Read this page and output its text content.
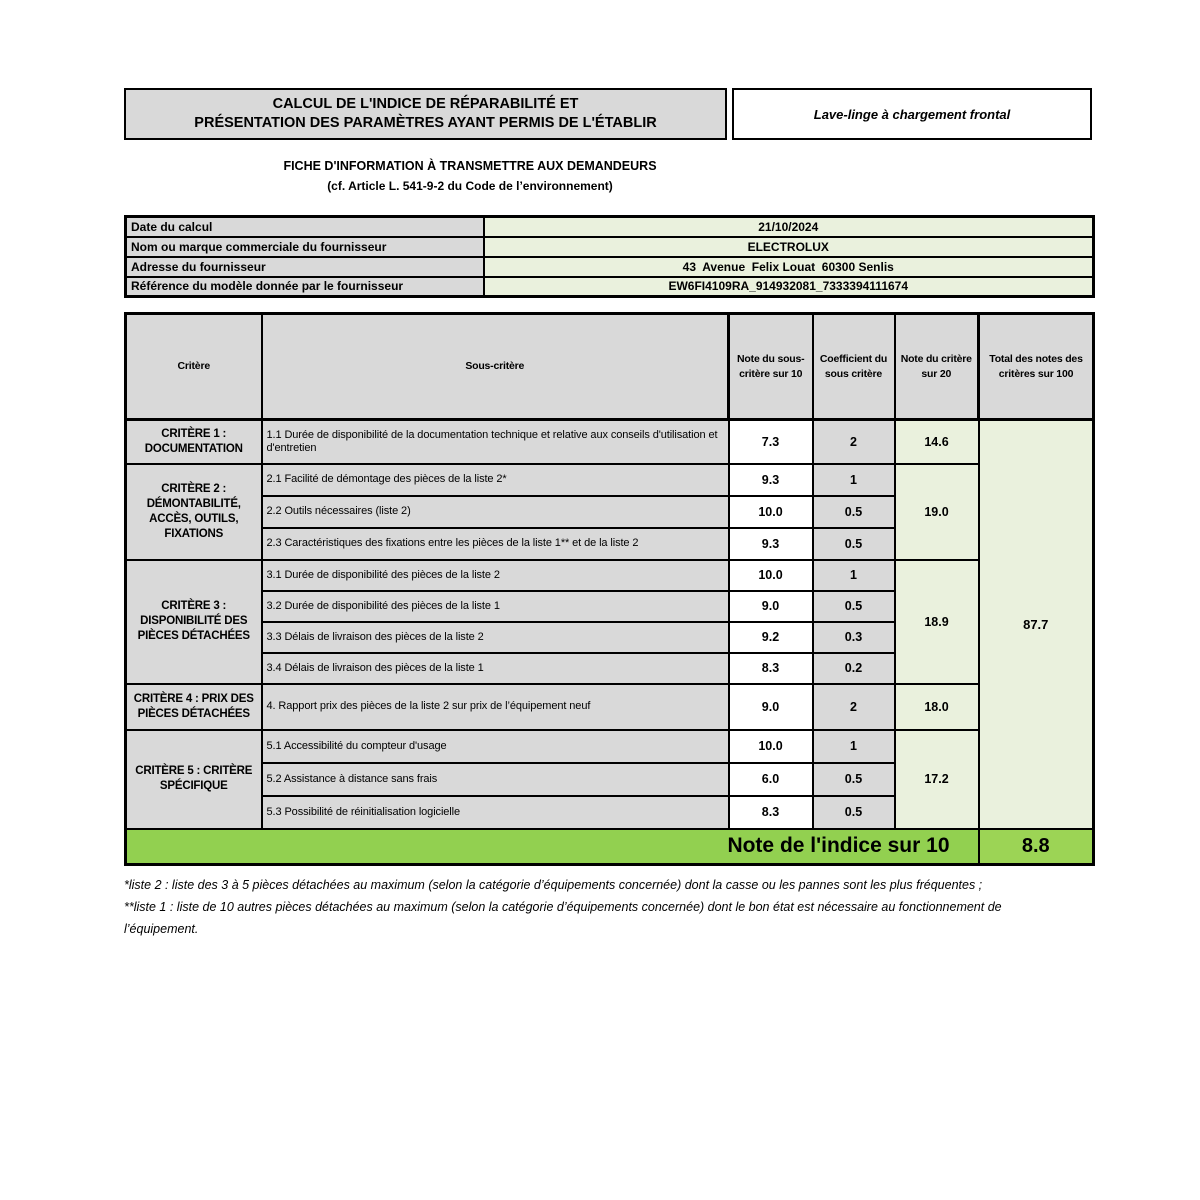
CALCUL DE L'INDICE DE RÉPARABILITÉ ET
PRÉSENTATION DES PARAMÈTRES AYANT PERMIS DE L'ÉTABLIR
Lave-linge à chargement frontal
FICHE D'INFORMATION À TRANSMETTRE AUX DEMANDEURS
(cf. Article L. 541-9-2 du Code de l’environnement)
Date du calcul	21/10/2024
Nom ou marque commerciale du fournisseur	ELECTROLUX
Adresse du fournisseur	43  Avenue  Felix Louat  60300 Senlis
Référence du modèle donnée par le fournisseur	EW6FI4109RA_914932081_7333394111674
Critère	Sous-critère	Note du sous-critère sur 10	Coefficient du sous critère	Note du critère sur 20	Total des notes des critères sur 100
CRITÈRE 1 : DOCUMENTATION	1.1 Durée de disponibilité de la documentation technique et relative aux conseils d'utilisation et d'entretien	7.3	2	14.6	87.7
CRITÈRE 2 : DÉMONTABILITÉ, ACCÈS, OUTILS, FIXATIONS	2.1 Facilité de démontage des pièces de la liste 2*	9.3	1	19.0	
	2.2 Outils nécessaires (liste 2)	10.0	0.5		
	2.3 Caractéristiques des fixations entre les pièces de la liste 1** et de la liste 2	9.3	0.5		
CRITÈRE 3 : DISPONIBILITÉ DES PIÈCES DÉTACHÉES	3.1 Durée de disponibilité des pièces de la liste 2	10.0	1	18.9	
	3.2 Durée de disponibilité des pièces de la liste 1	9.0	0.5		
	3.3 Délais de livraison des pièces de la liste 2	9.2	0.3		
	3.4 Délais de livraison des pièces de la liste 1	8.3	0.2		
CRITÈRE 4 : PRIX DES PIÈCES DÉTACHÉES	4. Rapport prix des pièces de la liste 2 sur prix de l’équipement neuf	9.0	2	18.0	
CRITÈRE 5 : CRITÈRE SPÉCIFIQUE	5.1 Accessibilité du compteur d'usage	10.0	1	17.2	
	5.2 Assistance à distance sans frais	6.0	0.5		
	5.3 Possibilité de réinitialisation logicielle	8.3	0.5		
Note de l'indice sur 10					8.8

*liste 2 : liste des 3 à 5 pièces détachées au maximum (selon la catégorie d’équipements concernée) dont la casse ou les pannes sont les plus fréquentes ;

**liste 1 : liste de 10 autres pièces détachées au maximum (selon la catégorie d’équipements concernée) dont le bon état est nécessaire au fonctionnement de l’équipement.
